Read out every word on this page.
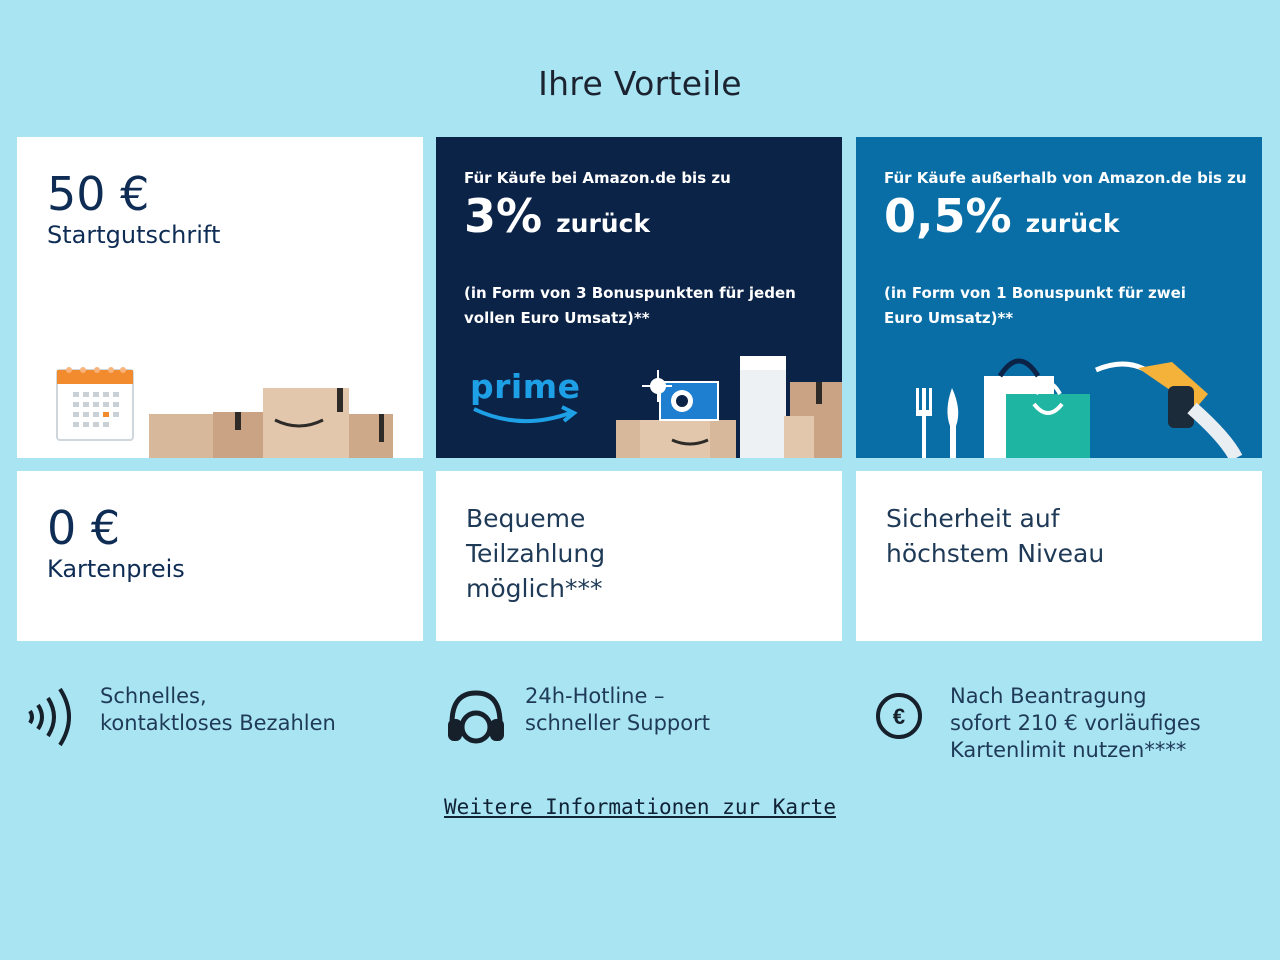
Ihre Vorteile
50 €
Startgutschrift
Für Käufe bei Amazon.de bis zu
3% zurück
(in Form von 3 Bonuspunkten für jeden vollen Euro Umsatz)**
prime
Für Käufe außerhalb von Amazon.de bis zu
0,5% zurück
(in Form von 1 Bonuspunkt für zwei Euro Umsatz)**
0 €
Kartenpreis
Bequeme Teilzahlung möglich***
Sicherheit auf höchstem Niveau
Schnelles, kontaktloses Bezahlen
24h-Hotline – schneller Support	€
Nach Beantragung sofort 210 € vorläufiges Kartenlimit nutzen****
Weitere Informationen zur Karte
